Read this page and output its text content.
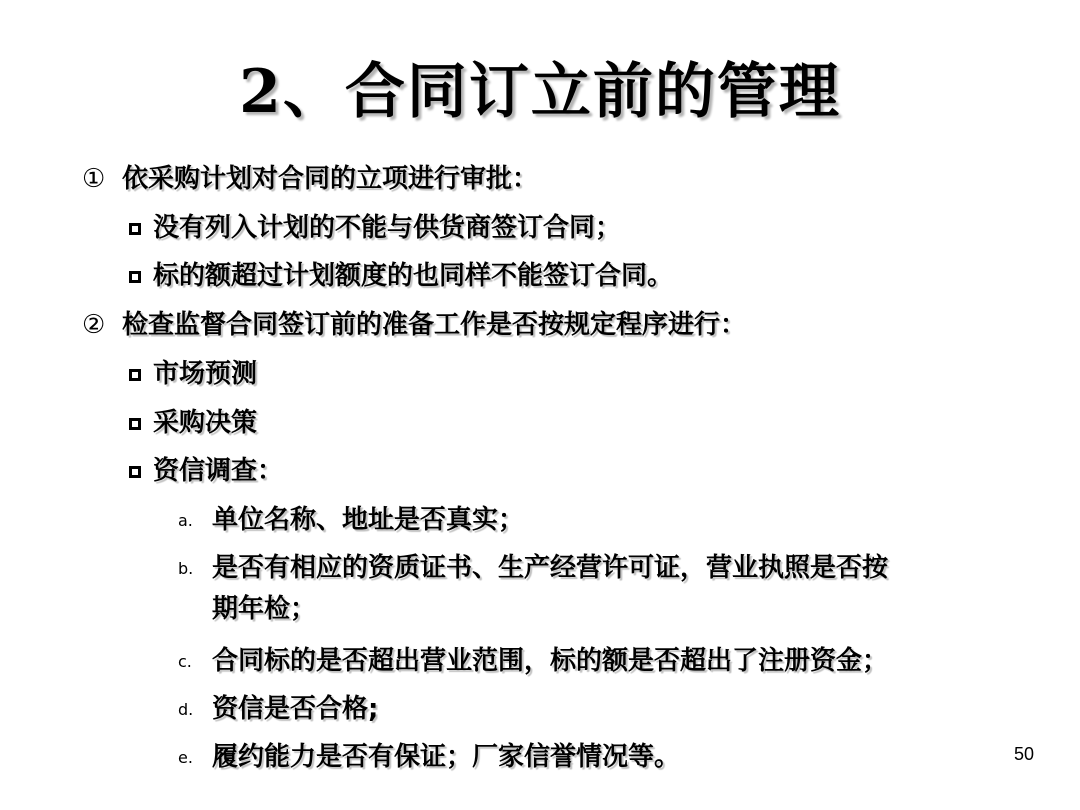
2、合同订立前的管理
① 依采购计划对合同的立项进行审批：
没有列入计划的不能与供货商签订合同；
标的额超过计划额度的也同样不能签订合同。
② 检查监督合同签订前的准备工作是否按规定程序进行：
市场预测
采购决策
资信调查：
a. 单位名称、地址是否真实；
b. 是否有相应的资质证书、生产经营许可证，营业执照是否按
期年检；
c. 合同标的是否超出营业范围，标的额是否超出了注册资金；
d. 资信是否合格;
e. 履约能力是否有保证；厂家信誉情况等。	50
